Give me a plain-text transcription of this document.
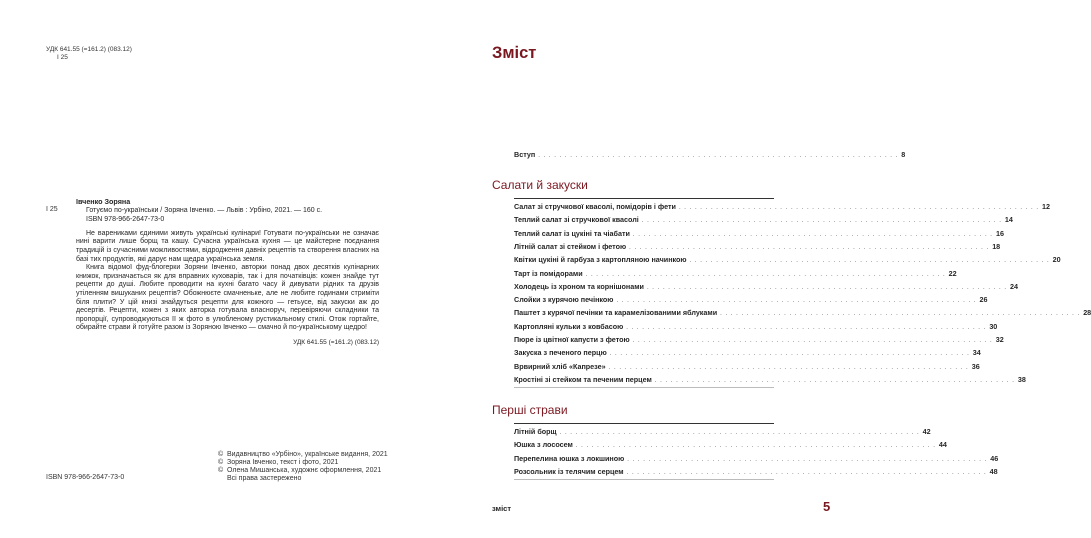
УДК 641.55 (=161.2) (083.12)
І 25
І 25
Івченко Зоряна
Готуємо по-українськи / Зоряна Івченко. — Львів : Урбіно, 2021. — 160 с.
ISBN 978-966-2647-73-0

Не варениками єдиними живуть українські кулінари! Готувати по-українськи не означає нині варити лише борщ та кашу. Сучасна українська кухня — це майстерне поєднання традицій із сучасними можливостями, відродження давніх рецептів та створення власних на базі тих продуктів, які дарує нам щедра українська земля.

Книга відомої фуд-блогерки Зоряни Івченко, авторки понад двох десятків кулінарних книжок, призначається як для вправних куховарів, так і для початківців: кожен знайде тут рецепти до душі. Любите проводити на кухні багато часу й дивувати рідних та друзів утіленням вишуканих рецептів? Обожнюєте смачненьке, але не любите годинами стриміти біля плити? У цій книзі знайдуться рецепти для кожного — гетьусе, від закуски аж до десертів. Рецепти, кожен з яких авторка готувала власноруч, перевіряючи складники та пропорції, супроводжуються її ж фото в улюбленому рустикальному стилі. Отож гортайте, обирайте страви й готуйте разом із Зоряною Івченко — смачно й по-українському щедро!

УДК 641.55 (=161.2) (083.12)
© Видавництво «Урбіно», українське видання, 2021
© Зоряна Івченко, текст і фото, 2021
© Олена Мишанська, художнє оформлення, 2021
Всі права застережено
ISBN 978-966-2647-73-0
Зміст
Вступ . . . . . . . . . . . . . . . . . . . . . . . . . . . . . . . . . . . . . . . . . . . . . . . . . . . . . . . . . . . . . . . . . . . . 8
Салати й закуски
Салат зі стручкової квасолі, помідорів і фети . . . . . . . . . . . . . . . . . . . . . . . . . . . . . . . . . . . . . . . . . . . . . . . . . . . . . . . . . . . . . . . . . . . . 12
Теплий салат зі стручкової квасолі . . . . . . . . . . . . . . . . . . . . . . . . . . . . . . . . . . . . . . . . . . . . . . . . . . . . . . . . . . . . . . . . . . . . 14
Теплий салат із цукіні та чіабати . . . . . . . . . . . . . . . . . . . . . . . . . . . . . . . . . . . . . . . . . . . . . . . . . . . . . . . . . . . . . . . . . . . . 16
Літній салат зі стейком і фетою . . . . . . . . . . . . . . . . . . . . . . . . . . . . . . . . . . . . . . . . . . . . . . . . . . . . . . . . . . . . . . . . . . . . 18
Квітки цукіні й гарбуза з картопляною начинкою . . . . . . . . . . . . . . . . . . . . . . . . . . . . . . . . . . . . . . . . . . . . . . . . . . . . . . . . . . . . . . . . . . . . 20
Тарт із помідорами . . . . . . . . . . . . . . . . . . . . . . . . . . . . . . . . . . . . . . . . . . . . . . . . . . . . . . . . . . . . . . . . . . . . 22
Холодець із хроном та корнішонами . . . . . . . . . . . . . . . . . . . . . . . . . . . . . . . . . . . . . . . . . . . . . . . . . . . . . . . . . . . . . . . . . . . . 24
Слойки з курячою печінкою . . . . . . . . . . . . . . . . . . . . . . . . . . . . . . . . . . . . . . . . . . . . . . . . . . . . . . . . . . . . . . . . . . . . 26
Паштет з курячої печінки та карамелізованими яблуками . . . . . . . . . . . . . . . . . . . . . . . . . . . . . . . . . . . . . . . . . . . . . . . . . . . . . . . . . . . . . . . . . . . . 28
Картопляні кульки з ковбасою . . . . . . . . . . . . . . . . . . . . . . . . . . . . . . . . . . . . . . . . . . . . . . . . . . . . . . . . . . . . . . . . . . . . 30
Пюре із цвітної капусти з фетою . . . . . . . . . . . . . . . . . . . . . . . . . . . . . . . . . . . . . . . . . . . . . . . . . . . . . . . . . . . . . . . . . . . . 32
Закуска з печеного перцю . . . . . . . . . . . . . . . . . . . . . . . . . . . . . . . . . . . . . . . . . . . . . . . . . . . . . . . . . . . . . . . . . . . . 34
Врвирний хліб «Капрезе» . . . . . . . . . . . . . . . . . . . . . . . . . . . . . . . . . . . . . . . . . . . . . . . . . . . . . . . . . . . . . . . . . . . . 36
Кростіні зі стейком та печеним перцем . . . . . . . . . . . . . . . . . . . . . . . . . . . . . . . . . . . . . . . . . . . . . . . . . . . . . . . . . . . . . . . . . . . . 38
Перші страви
Літній борщ . . . . . . . . . . . . . . . . . . . . . . . . . . . . . . . . . . . . . . . . . . . . . . . . . . . . . . . . . . . . . . . . . . . . 42
Юшка з лососем . . . . . . . . . . . . . . . . . . . . . . . . . . . . . . . . . . . . . . . . . . . . . . . . . . . . . . . . . . . . . . . . . . . . 44
Перепелина юшка з локшиною . . . . . . . . . . . . . . . . . . . . . . . . . . . . . . . . . . . . . . . . . . . . . . . . . . . . . . . . . . . . . . . . . . . . 46
Розсольник із телячим серцем . . . . . . . . . . . . . . . . . . . . . . . . . . . . . . . . . . . . . . . . . . . . . . . . . . . . . . . . . . . . . . . . . . . . 48
зміст	5
